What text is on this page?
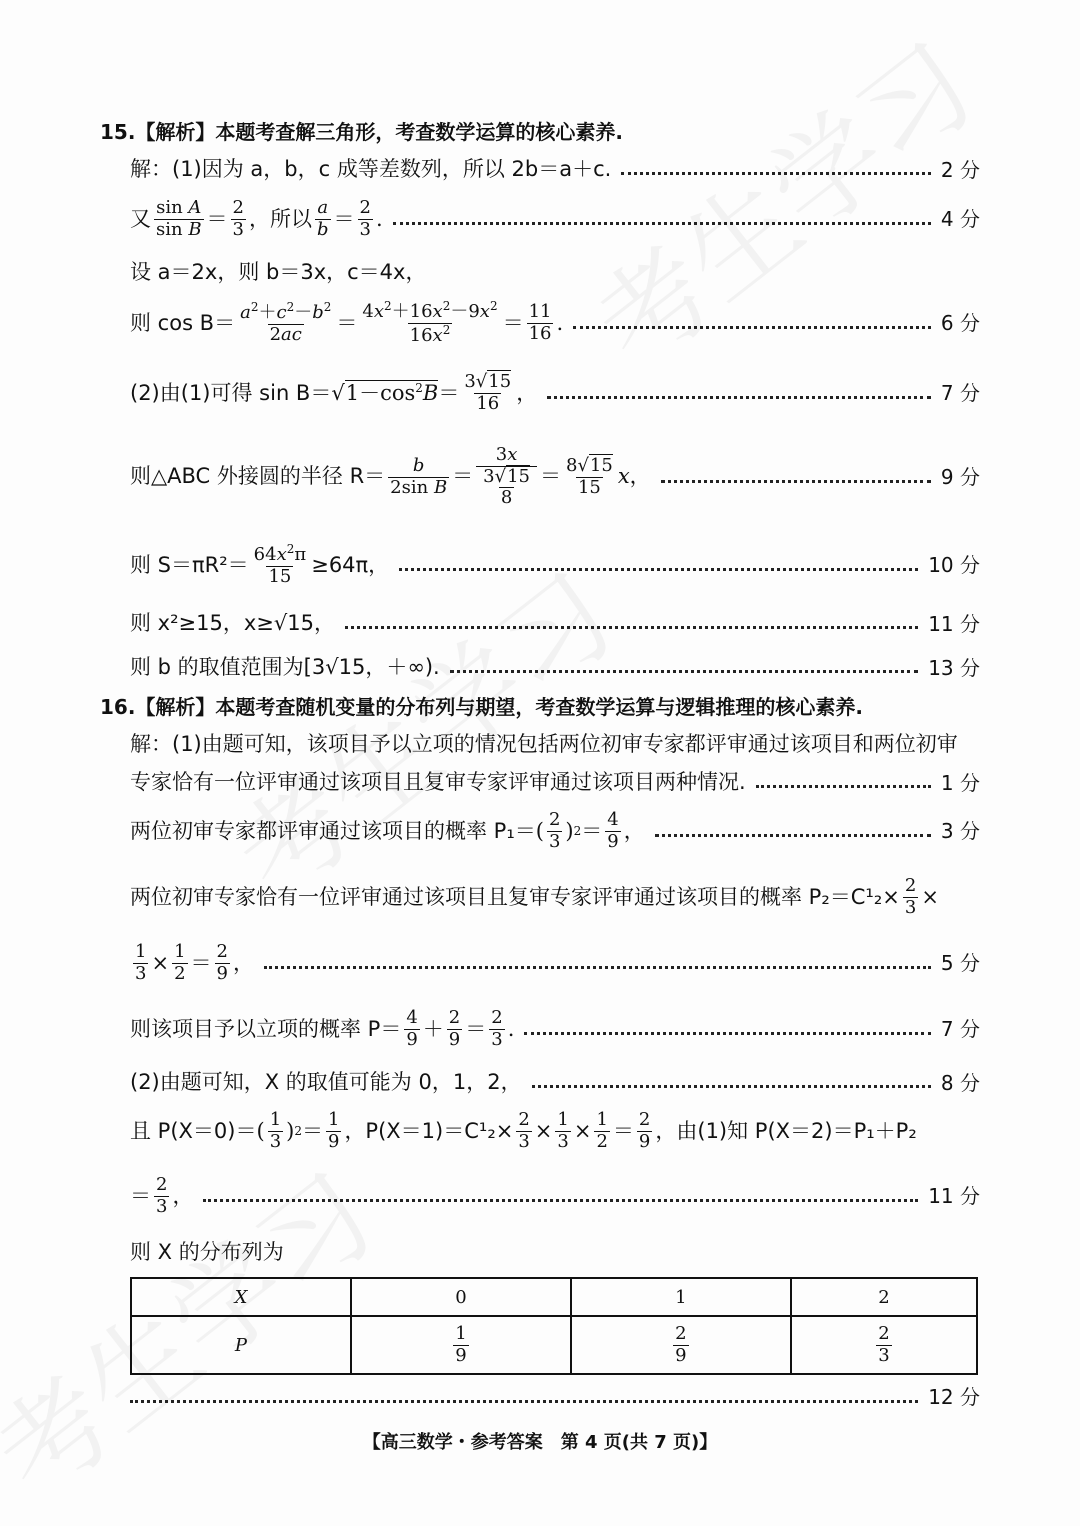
15.【解析】本题考查解三角形，考查数学运算的核心素养.
解：(1)因为 a，b，c 成等差数列，所以 2b＝a＋c.	2 分
又 $\frac{\text{sin A}}{\text{sin B}} = \frac{2}{3}$ ，所以 $\frac{a}{b} = \frac{2}{3}$ .	4 分
设 a＝2x，则 b＝3x，c＝4x，
则 $\cos B= \frac{a^2+c^2-b^2}{2ac} = \frac{4x^2+16x^2-9x^2}{16x^2} = \frac{11}{16}$ .	6 分
(2)由(1)可得 sin B＝ √ $1-\cos^2B = \frac{3√15}{16}$ ，	7 分
则△ABC 外接圆的半径 $R= \frac{b}{\text{2sin B}} = \frac{3x}{\frac{3√15}{8}} = \frac{8√15}{15}$ x ，	9 分
则 $S=\pi R^2= \frac{64x^2\pi}{15} \ge 64\pi$，	10 分
则 x²≥15，x≥√15，	11 分
则 b 的取值范围为[3√15，＋∞).	13 分
16.【解析】本题考查随机变量的分布列与期望，考查数学运算与逻辑推理的核心素养.
解：(1)由题可知，该项目予以立项的情况包括两位初审专家都评审通过该项目和两位初审
专家恰有一位评审通过该项目且复审专家评审通过该项目两种情况.	1 分
两位初审专家都评审通过该项目的概率 P₁＝ ( $\frac{2}{3}$ ) $2 = \frac{4}{9}$ ，	3 分
两位初审专家恰有一位评审通过该项目且复审专家评审通过该项目的概率 $P_2=C^1_2\times \frac{2}{3}$ ×
$\frac{1}{3} \times \frac{1}{2} = \frac{2}{9}$ ，	5 分
则该项目予以立项的概率 $P= \frac{4}{9} + \frac{2}{9} = \frac{2}{3}$ .	7 分
(2)由题可知，X 的取值可能为 0，1，2，	8 分
且 P(X＝0)＝ ( $\frac{1}{3}$ ) $2 = \frac{1}{9}$ ，$P(X=1)=C^1_2\times \frac{2}{3} \times \frac{1}{3} \times \frac{1}{2} = \frac{2}{9}$ ，由(1)知 P(X＝2)＝P₁＋P₂
＝ $\frac{2}{3}$ ，	11 分
则 X 的分布列为
X	0	1	2
P	$\frac{1}{9}$	$\frac{2}{9}$	$\frac{2}{3}$
12 分
【高三数学・参考答案　第 4 页(共 7 页)】
